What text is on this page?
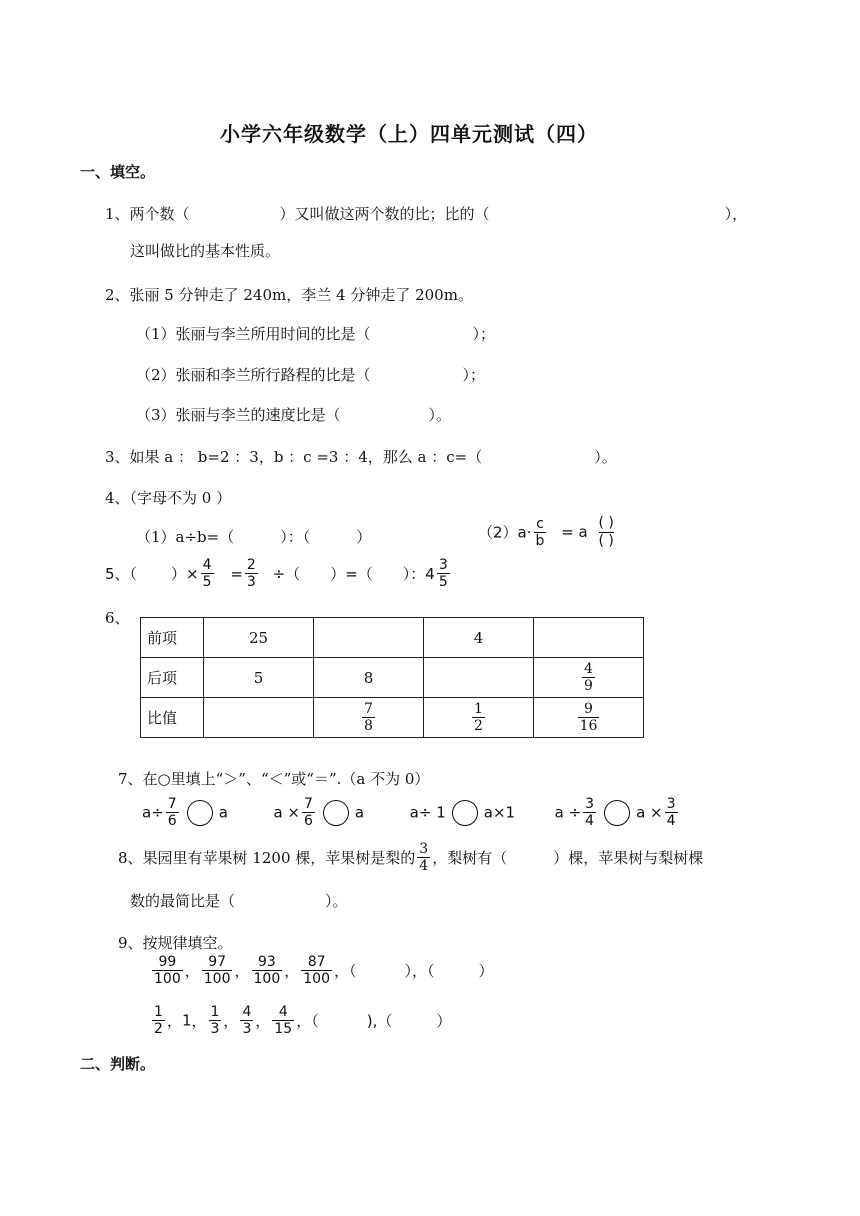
小学六年级数学（上）四单元测试（四）
一、填空。
1、两个数（	）又叫做这两个数的比；比的（	），
这叫做比的基本性质。
2、张丽 5 分钟走了 240m，李兰 4 分钟走了 200m。
（1）张丽与李兰所用时间的比是（	）；
（2）张丽和李兰所行路程的比是（	）；
（3）张丽与李兰的速度比是（	）。
3、如果 a ： b=2 ：3，b ：c =3 ：4，那么 a ：c=（	）。
4、（字母不为 0 ）
（1）a÷b=（	）：（	）	$(2)a\cdot \frac{c}{b} = a \frac{( )}{( )}$
5、（ ）× $\frac{4}{5} = \frac{2}{3}$ ÷（ ）=（ ）：$4 \frac{3}{5}$
6、
前项	25		4	
后项	5	8		$\frac{4}{9}$

比值		$\frac{7}{8}$	$\frac{1}{2}$	$\frac{9}{16}$
7、在○里填上“＞”、“＜”或“＝”.（a 不为 0）
$a\div \frac{7}{6}$	a	$a \times \frac{7}{6}$	a	a÷ 1	a×1	$a \div \frac{3}{4}$	$a \times \frac{3}{4}$
8、果园里有苹果树 1200 棵，苹果树是梨的 $\frac{3}{4}$ ，梨树有（	）棵，苹果树与梨树棵
数的最简比是（	）。
9、按规律填空。
$\frac{99}{100}$ ， $\frac{97}{100}$ ， $\frac{93}{100}$ ， $\frac{87}{100}$ ，（	），（	）
$\frac{1}{2}$ ，1， $\frac{1}{3}$ ， $\frac{4}{3}$ ， $\frac{4}{15}$ ，（	),（	）
二、判断。
